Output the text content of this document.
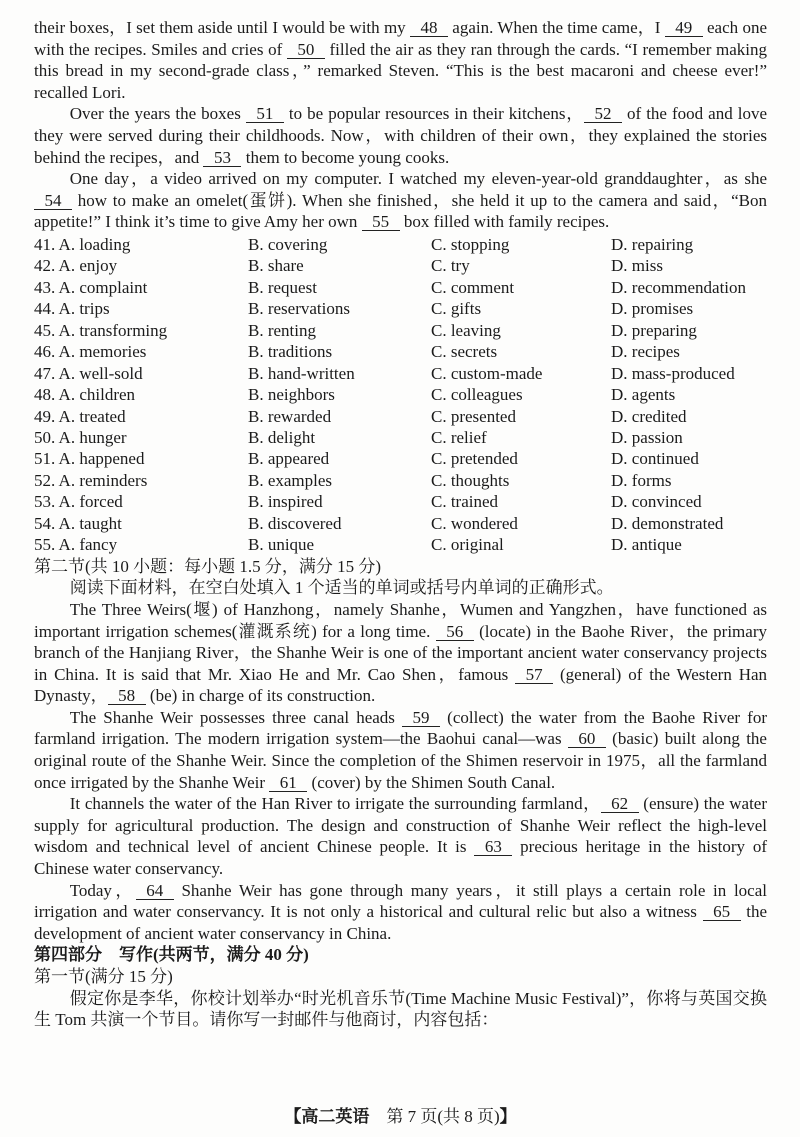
their boxes，I set them aside until I would be with my 48 again. When the time came，I 49 each one with the recipes. Smiles and cries of 50 filled the air as they ran through the cards. “I remember making this bread in my second-grade class，” remarked Steven. “This is the best macaroni and cheese ever!” recalled Lori.

Over the years the boxes 51 to be popular resources in their kitchens， 52 of the food and love they were served during their childhoods. Now，with children of their own，they explained the stories behind the recipes，and 53 them to become young cooks.

One day，a video arrived on my computer. I watched my eleven-year-old granddaughter，as she 54 how to make an omelet(蛋饼). When she finished，she held it up to the camera and said，“Bon appetite!” I think it’s time to give Amy her own 55 box filled with family recipes.

41. A. loading	B. covering	C. stopping	D. repairing
42. A. enjoy	B. share	C. try	D. miss
43. A. complaint	B. request	C. comment	D. recommendation
44. A. trips	B. reservations	C. gifts	D. promises
45. A. transforming	B. renting	C. leaving	D. preparing
46. A. memories	B. traditions	C. secrets	D. recipes
47. A. well-sold	B. hand-written	C. custom-made	D. mass-produced
48. A. children	B. neighbors	C. colleagues	D. agents
49. A. treated	B. rewarded	C. presented	D. credited
50. A. hunger	B. delight	C. relief	D. passion
51. A. happened	B. appeared	C. pretended	D. continued
52. A. reminders	B. examples	C. thoughts	D. forms
53. A. forced	B. inspired	C. trained	D. convinced
54. A. taught	B. discovered	C. wondered	D. demonstrated
55. A. fancy	B. unique	C. original	D. antique

第二节(共 10 小题：每小题 1.5 分，满分 15 分)

阅读下面材料，在空白处填入 1 个适当的单词或括号内单词的正确形式。

The Three Weirs(堰) of Hanzhong，namely Shanhe，Wumen and Yangzhen，have functioned as important irrigation schemes(灌溉系统) for a long time. 56 (locate) in the Baohe River，the primary branch of the Hanjiang River，the Shanhe Weir is one of the important ancient water conservancy projects in China. It is said that Mr. Xiao He and Mr. Cao Shen，famous 57 (general) of the Western Han Dynasty， 58 (be) in charge of its construction.

The Shanhe Weir possesses three canal heads 59 (collect) the water from the Baohe River for farmland irrigation. The modern irrigation system—the Baohui canal—was 60 (basic) built along the original route of the Shanhe Weir. Since the completion of the Shimen reservoir in 1975，all the farmland once irrigated by the Shanhe Weir 61 (cover) by the Shimen South Canal.

It channels the water of the Han River to irrigate the surrounding farmland， 62 (ensure) the water supply for agricultural production. The design and construction of Shanhe Weir reflect the high-level wisdom and technical level of ancient Chinese people. It is 63 precious heritage in the history of Chinese water conservancy.

Today， 64 Shanhe Weir has gone through many years，it still plays a certain role in local irrigation and water conservancy. It is not only a historical and cultural relic but also a witness 65 the development of ancient water conservancy in China.

第四部分　写作(共两节，满分 40 分)

第一节(满分 15 分)

假定你是李华，你校计划举办“时光机音乐节(Time Machine Music Festival)”，你将与英国交换生 Tom 共演一个节目。请你写一封邮件与他商讨，内容包括：

【高二英语　第 7 页(共 8 页)】
